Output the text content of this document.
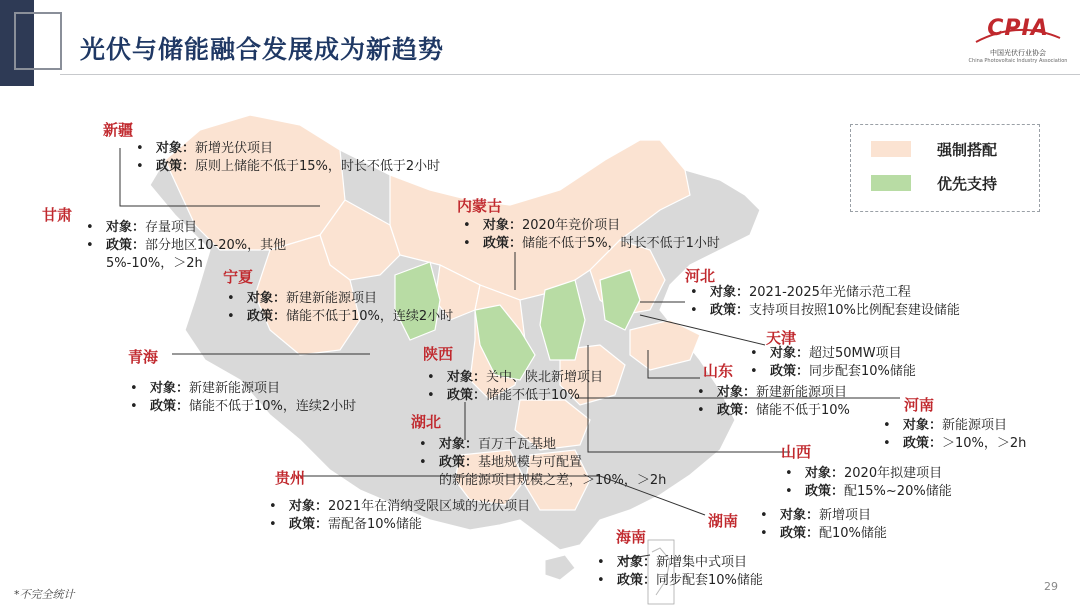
光伏与储能融合发展成为新趋势
CPIA
中国光伏行业协会
China Photovoltaic Industry Association
强制搭配
优先支持
新疆
• 对象：新增光伏项目
• 政策：原则上储能不低于15%，时长不低于2小时
甘肃
• 对象：存量项目
• 政策：部分地区10-20%，其他
5%-10%，＞2h
宁夏
• 对象：新建新能源项目
• 政策：储能不低于10%，连续2小时
内蒙古
• 对象：2020年竞价项目
• 政策：储能不低于5%，时长不低于1小时
河北
• 对象：2021-2025年光储示范工程
• 政策：支持项目按照10%比例配套建设储能
天津
• 对象：超过50MW项目
• 政策：同步配套10%储能
青海
• 对象：新建新能源项目
• 政策：储能不低于10%，连续2小时
陕西
• 对象：关中、陕北新增项目
• 政策：储能不低于10%
山东
• 对象：新建新能源项目
• 政策：储能不低于10%	河南
• 对象：新能源项目
• 政策：＞10%，＞2h
湖北
• 对象：百万千瓦基地
• 政策：基地规模与可配置
的新能源项目规模之差，＞10%，＞2h
山西
• 对象：2020年拟建项目
• 政策：配15%~20%储能
贵州
• 对象：2021年在消纳受限区域的光伏项目
• 政策：需配备10%储能	湖南 • 对象：新增项目
• 政策：配10%储能
海南
• 对象：新增集中式项目
• 政策：同步配套10%储能
*不完全统计
29
